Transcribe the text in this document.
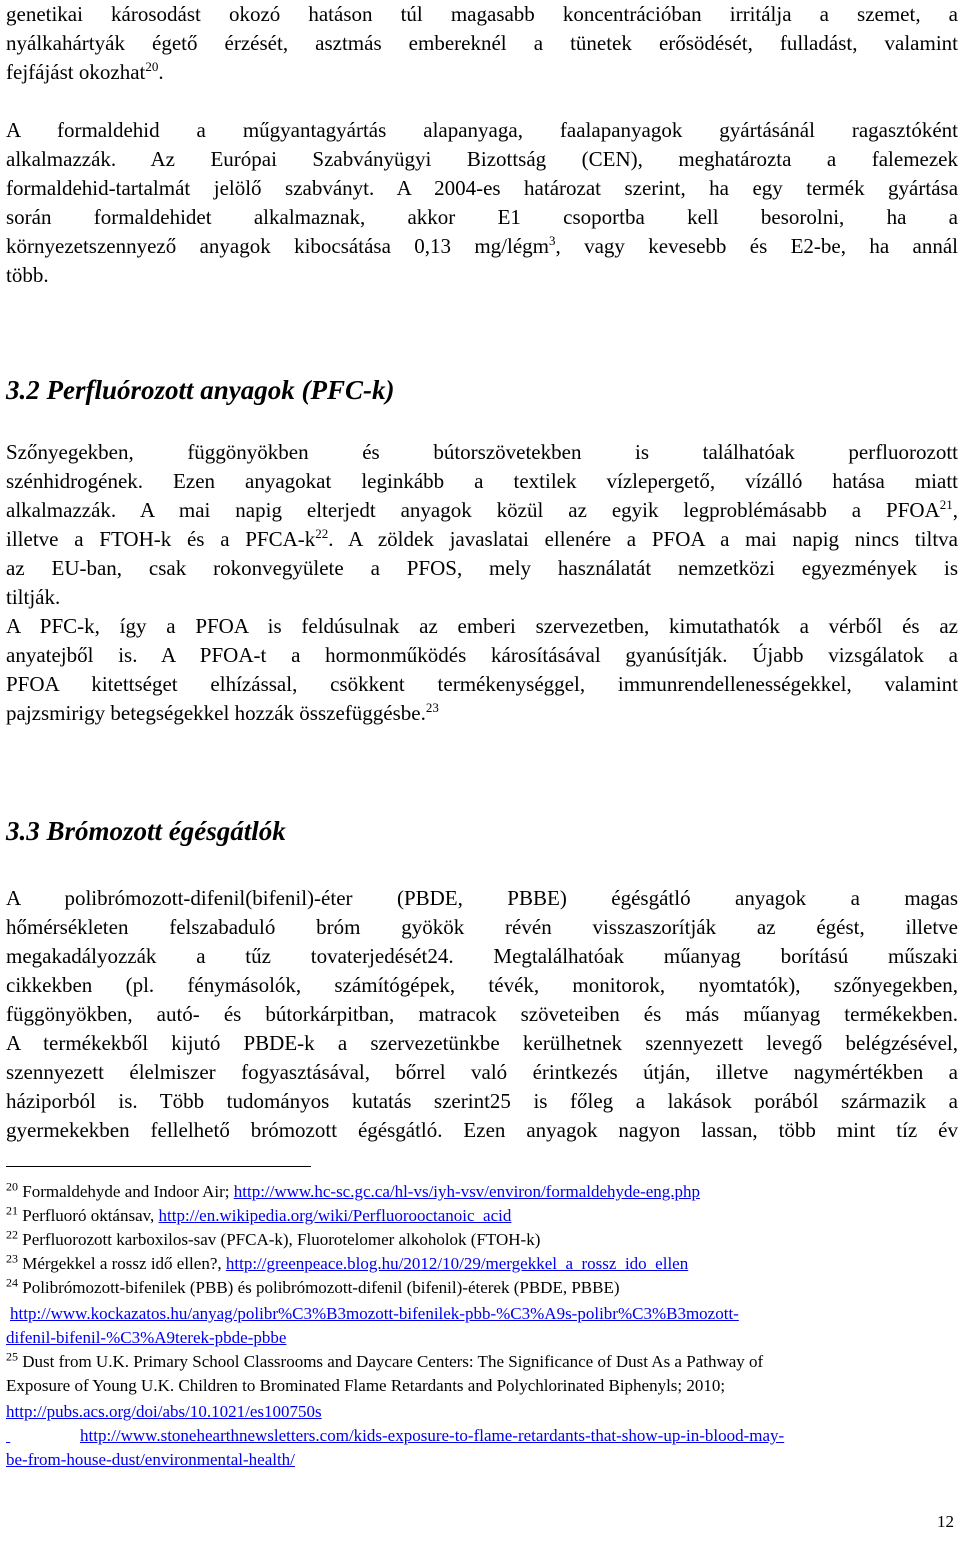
genetikai károsodást okozó hatáson túl magasabb koncentrációban irritálja a szemet, a

nyálkahártyák égető érzését, asztmás embereknél a tünetek erősödését, fulladást, valamint

fejfájást okozhat$^{20}$.

A formaldehid a műgyantagyártás alapanyaga, faalapanyagok gyártásánál ragasztóként

alkalmazzák. Az Európai Szabványügyi Bizottság (CEN), meghatározta a falemezek

formaldehid-tartalmát jelölő szabványt. A 2004-es határozat szerint, ha egy termék gyártása

során formaldehidet alkalmaznak, akkor E1 csoportba kell besorolni, ha a

környezetszennyező anyagok kibocsátása 0,13 mg/légm$^3$, vagy kevesebb és E2-be, ha annál

több.

3.2 Perfluórozott anyagok (PFC-k)

Szőnyegekben, függönyökben és bútorszövetekben is találhatóak perfluorozott

szénhidrogének. Ezen anyagokat leginkább a textilek vízlepergető, vízálló hatása miatt

alkalmazzák. A mai napig elterjedt anyagok közül az egyik legproblémásabb a PFOA$^{21}$,

illetve a FTOH-k és a PFCA-$k^{22}$. A zöldek javaslatai ellenére a PFOA a mai napig nincs tiltva

az EU-ban, csak rokonvegyülete a PFOS, mely használatát nemzetközi egyezmények is

tiltják.

A PFC-k, így a PFOA is feldúsulnak az emberi szervezetben, kimutathatók a vérből és az

anyatejből is. A PFOA-t a hormonműködés károsításával gyanúsítják. Újabb vizsgálatok a

PFOA kitettséget elhízással, csökkent termékenységgel, immunrendellenességekkel, valamint

pajzsmirigy betegségekkel hozzák összefüggésbe.$^{23}$

3.3 Brómozott égésgátlók

A polibrómozott-difenil(bifenil)-éter (PBDE, PBBE) égésgátló anyagok a magas

hőmérsékleten felszabaduló bróm gyökök révén visszaszorítják az égést, illetve

megakadályozzák a tűz tovaterjedését24. Megtalálhatóak műanyag borítású műszaki

cikkekben (pl. fénymásolók, számítógépek, tévék, monitorok, nyomtatók), szőnyegekben,

függönyökben, autó- és bútorkárpitban, matracok szöveteiben és más műanyag termékekben.

A termékekből kijutó PBDE-k a szervezetünkbe kerülhetnek szennyezett levegő belégzésével,

szennyezett élelmiszer fogyasztásával, bőrrel való érintkezés útján, illetve nagymértékben a

háziporból is. Több tudományos kutatás szerint25 is főleg a lakások porából származik a

gyermekekben fellelhető brómozott égésgátló. Ezen anyagok nagyon lassan, több mint tíz év

$^{20}$ Formaldehyde and Indoor Air; http://www.hc-sc.gc.ca/hl-vs/iyh-vsv/environ/formaldehyde-eng.php
$^{21}$ Perfluoró oktánsav, http://en.wikipedia.org/wiki/Perfluorooctanoic_acid
$^{22}$ Perfluorozott karboxilos-sav (PFCA-k), Fluorotelomer alkoholok (FTOH-k)
$^{23}$ Mérgekkel a rossz idő ellen?, http://greenpeace.blog.hu/2012/10/29/mergekkel_a_rossz_ido_ellen
$^{24}$ Polibrómozott-bifenilek (PBB) és polibrómozott-difenil (bifenil)-éterek (PBDE, PBBE)
http://www.kockazatos.hu/anyag/polibr%C3%B3mozott-bifenilek-pbb-%C3%A9s-polibr%C3%B3mozott-
difenil-bifenil-%C3%A9terek-pbde-pbbe
$^{25}$ Dust from U.K. Primary School Classrooms and Daycare Centers: The Significance of Dust As a Pathway of
Exposure of Young U.K. Children to Brominated Flame Retardants and Polychlorinated Biphenyls; 2010;
http://pubs.acs.org/doi/abs/10.1021/es100750s
http://www.stonehearthnewsletters.com/kids-exposure-to-flame-retardants-that-show-up-in-blood-may-
be-from-house-dust/environmental-health/
12
